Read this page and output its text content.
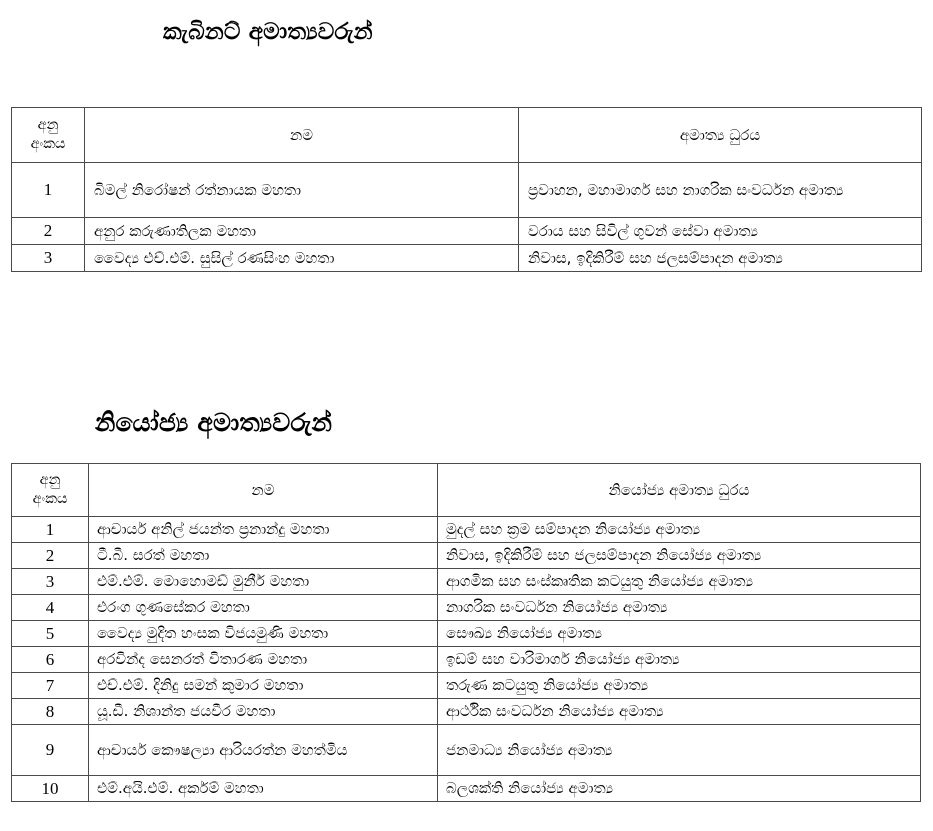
කැබිනට් අමාත්‍යවරුන්
අනු
අංකය	නම	අමාත්‍ය ධුරය
1	බිමල් නිරෝෂන් රත්නායක මහතා	ප්‍රවාහන, මහාමාර්ග සහ නාගරික සංවර්ධන අමාත්‍ය
2	අනුර කරුණාතිලක මහතා	වරාය සහ සිවිල් ගුවන් සේවා අමාත්‍ය
3	වෛද්‍ය එච්.එම්. සුසිල් රණසිංහ මහතා	නිවාස, ඉදිකිරීම් සහ ජලසම්පාදන අමාත්‍ය
නියෝජ්‍ය අමාත්‍යවරුන්
අනු
අංකය	නම	නියෝජ්‍ය අමාත්‍ය ධුරය
1	ආචාර්ය අනිල් ජයන්ත ප්‍රනාන්දු මහතා	මුදල් සහ ක්‍රම සම්පාදන නියෝජ්‍ය අමාත්‍ය
2	ටී.බී. සරත් මහතා	නිවාස, ඉදිකිරීම් සහ ජලසම්පාදන නියෝජ්‍ය අමාත්‍ය
3	එම්.එම්. මොහොමඩ් මුනීර් මහතා	ආගමික සහ සංස්කෘතික කටයුතු නියෝජ්‍ය අමාත්‍ය
4	එරංග ගුණසේකර මහතා	නාගරික සංවර්ධන නියෝජ්‍ය අමාත්‍ය
5	වෛද්‍ය මුදිත හංසක විජයමුණි මහතා	සෞඛ්‍ය නියෝජ්‍ය අමාත්‍ය
6	අරවින්ද සෙනරත් විතාරණ මහතා	ඉඩම් සහ වාරිමාර්ග නියෝජ්‍ය අමාත්‍ය
7	එච්.එම්. දිනිදු සමන් කුමාර මහතා	තරුණ කටයුතු නියෝජ්‍ය අමාත්‍ය
8	යූ.ඩී. නිශාන්ත ජයවීර මහතා	ආර්ථික සංවර්ධන නියෝජ්‍ය අමාත්‍ය
9	ආචාර්ය කෞෂල්‍යා ආරියරත්න මහත්මිය	ජනමාධ්‍ය නියෝජ්‍ය අමාත්‍ය
10	එම්.අයි.එම්. අර්කම් මහතා	බලශක්ති නියෝජ්‍ය අමාත්‍ය
